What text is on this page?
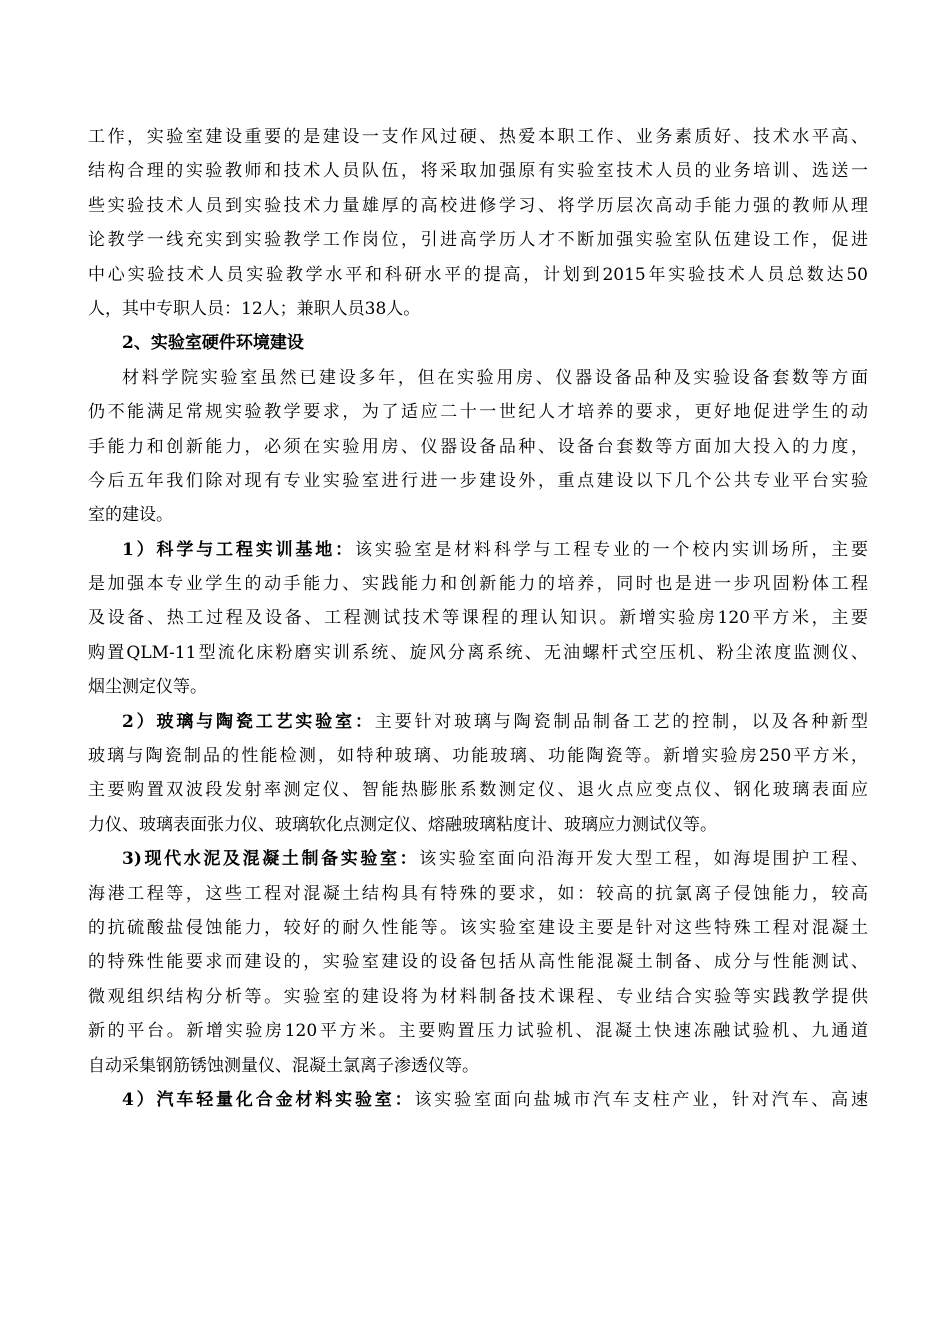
工作，实验室建设重要的是建设一支作风过硬、热爱本职工作、业务素质好、技术水平高、
结构合理的实验教师和技术人员队伍，将采取加强原有实验室技术人员的业务培训、选送一
些实验技术人员到实验技术力量雄厚的高校进修学习、将学历层次高动手能力强的教师从理
论教学一线充实到实验教学工作岗位，引进高学历人才不断加强实验室队伍建设工作，促进
中心实验技术人员实验教学水平和科研水平的提高，计划到2015年实验技术人员总数达50
人，其中专职人员：12人；兼职人员38人。
2、实验室硬件环境建设
材料学院实验室虽然已建设多年，但在实验用房、仪器设备品种及实验设备套数等方面
仍不能满足常规实验教学要求，为了适应二十一世纪人才培养的要求，更好地促进学生的动
手能力和创新能力，必须在实验用房、仪器设备品种、设备台套数等方面加大投入的力度，
今后五年我们除对现有专业实验室进行进一步建设外，重点建设以下几个公共专业平台实验
室的建设。
1）科学与工程实训基地：该实验室是材料科学与工程专业的一个校内实训场所，主要
是加强本专业学生的动手能力、实践能力和创新能力的培养，同时也是进一步巩固粉体工程
及设备、热工过程及设备、工程测试技术等课程的理认知识。新增实验房120平方米，主要
购置QLM-11型流化床粉磨实训系统、旋风分离系统、无油螺杆式空压机、粉尘浓度监测仪、
烟尘测定仪等。
2）玻璃与陶瓷工艺实验室：主要针对玻璃与陶瓷制品制备工艺的控制，以及各种新型
玻璃与陶瓷制品的性能检测，如特种玻璃、功能玻璃、功能陶瓷等。新增实验房250平方米，
主要购置双波段发射率测定仪、智能热膨胀系数测定仪、退火点应变点仪、钢化玻璃表面应
力仪、玻璃表面张力仪、玻璃软化点测定仪、熔融玻璃粘度计、玻璃应力测试仪等。
3)现代水泥及混凝土制备实验室：该实验室面向沿海开发大型工程，如海堤围护工程、
海港工程等，这些工程对混凝土结构具有特殊的要求，如：较高的抗氯离子侵蚀能力，较高
的抗硫酸盐侵蚀能力，较好的耐久性能等。该实验室建设主要是针对这些特殊工程对混凝土
的特殊性能要求而建设的，实验室建设的设备包括从高性能混凝土制备、成分与性能测试、
微观组织结构分析等。实验室的建设将为材料制备技术课程、专业结合实验等实践教学提供
新的平台。新增实验房120平方米。主要购置压力试验机、混凝土快速冻融试验机、九通道
自动采集钢筋锈蚀测量仪、混凝土氯离子渗透仪等。
4）汽车轻量化合金材料实验室：该实验室面向盐城市汽车支柱产业，针对汽车、高速
